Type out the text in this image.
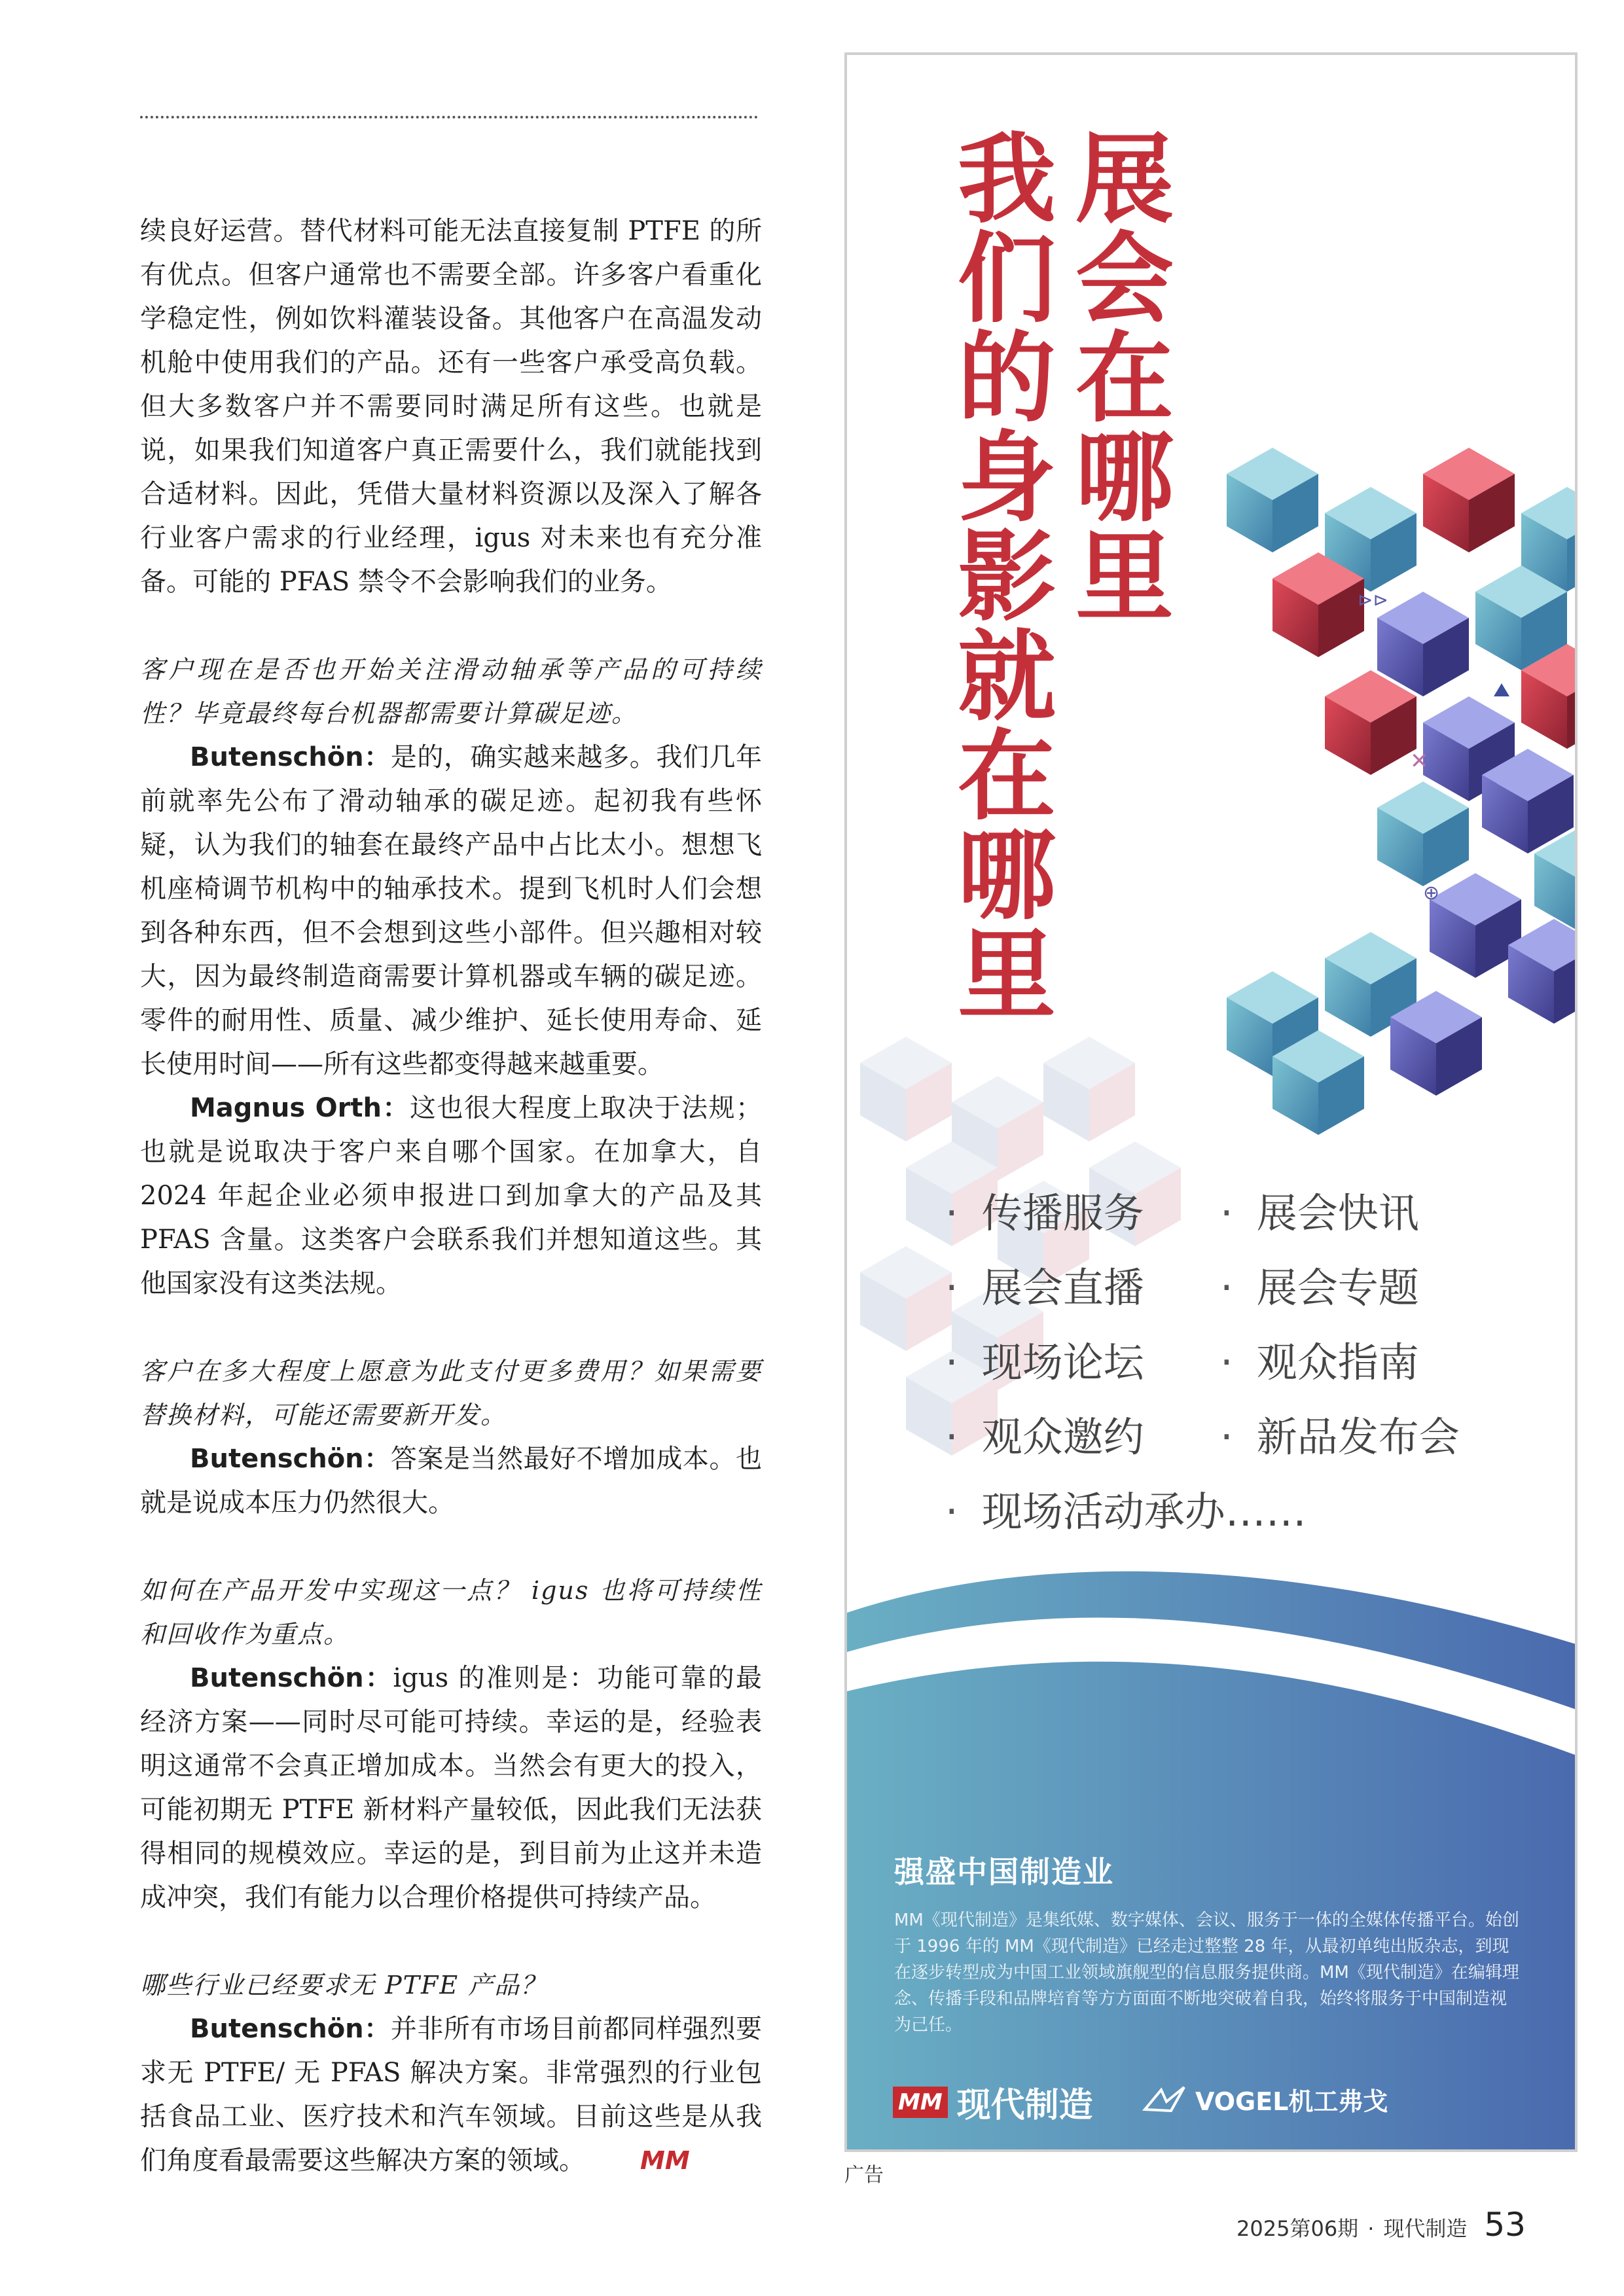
续良好运营。替代材料可能无法直接复制 PTFE 的所有优点。但客户通常也不需要全部。许多客户看重化学稳定性，例如饮料灌装设备。其他客户在高温发动机舱中使用我们的产品。还有一些客户承受高负载。但大多数客户并不需要同时满足所有这些。也就是说，如果我们知道客户真正需要什么，我们就能找到合适材料。因此，凭借大量材料资源以及深入了解各行业客户需求的行业经理，igus 对未来也有充分准备。可能的 PFAS 禁令不会影响我们的业务。

客户现在是否也开始关注滑动轴承等产品的可持续性？毕竟最终每台机器都需要计算碳足迹。

Butenschön：是的，确实越来越多。我们几年前就率先公布了滑动轴承的碳足迹。起初我有些怀疑，认为我们的轴套在最终产品中占比太小。想想飞机座椅调节机构中的轴承技术。提到飞机时人们会想到各种东西，但不会想到这些小部件。但兴趣相对较大，因为最终制造商需要计算机器或车辆的碳足迹。零件的耐用性、质量、减少维护、延长使用寿命、延长使用时间——所有这些都变得越来越重要。

Magnus Orth：这也很大程度上取决于法规；也就是说取决于客户来自哪个国家。在加拿大，自 2024 年起企业必须申报进口到加拿大的产品及其 PFAS 含量。这类客户会联系我们并想知道这些。其他国家没有这类法规。

客户在多大程度上愿意为此支付更多费用？如果需要替换材料，可能还需要新开发。

Butenschön：答案是当然最好不增加成本。也就是说成本压力仍然很大。

如何在产品开发中实现这一点？ igus 也将可持续性和回收作为重点。

Butenschön：igus 的准则是：功能可靠的最经济方案——同时尽可能可持续。幸运的是，经验表明这通常不会真正增加成本。当然会有更大的投入，可能初期无 PTFE 新材料产量较低，因此我们无法获得相同的规模效应。幸运的是，到目前为止这并未造成冲突，我们有能力以合理价格提供可持续产品。

哪些行业已经要求无 PTFE 产品？

Butenschön：并非所有市场目前都同样强烈要求无 PTFE/ 无 PFAS 解决方案。非常强烈的行业包括食品工业、医疗技术和汽车领域。目前这些是从我们角度看最需要这些解决方案的领域。 MM

⊳⊳
✕
⊕
〰
我们的身影就在哪里 展会在哪里
· 传播服务 · 展会快讯
· 展会直播 · 展会专题
· 现场论坛 · 观众指南
· 观众邀约 · 新品发布会
· 现场活动承办……
强盛中国制造业
MM《现代制造》是集纸媒、数字媒体、会议、服务于一体的全媒体传播平台。始创于 1996 年的 MM《现代制造》已经走过整整 28 年，从最初单纯出版杂志，到现在逐步转型成为中国工业领域旗舰型的信息服务提供商。MM《现代制造》在编辑理念、传播手段和品牌培育等方方面面不断地突破着自我，始终将服务于中国制造视为己任。
MM 现代制造	VOGEL机工弗戈
广告
2025第06期 · 现代制造 53
